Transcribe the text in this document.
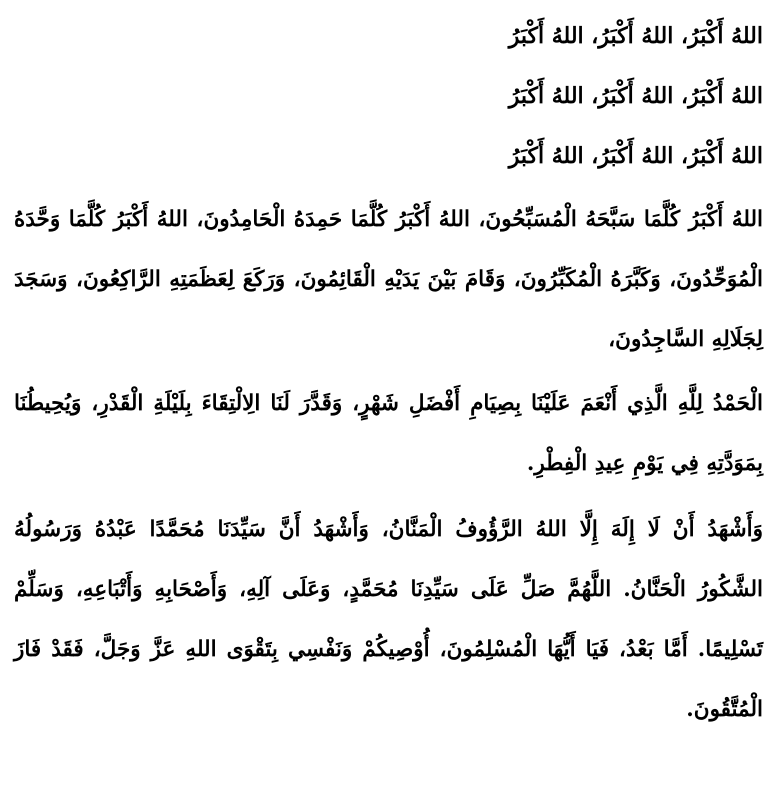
اللهُ أَكْبَرُ، اللهُ أَكْبَرُ، اللهُ أَكْبَرُ
اللهُ أَكْبَرُ، اللهُ أَكْبَرُ، اللهُ أَكْبَرُ
اللهُ أَكْبَرُ، اللهُ أَكْبَرُ، اللهُ أَكْبَرُ
اللهُ أَكْبَرُ كُلَّمَا سَبَّحَهُ الْمُسَبِّحُونَ، اللهُ أَكْبَرُ كُلَّمَا حَمِدَهُ الْحَامِدُونَ، اللهُ أَكْبَرُ كُلَّمَا وَحَّدَهُ الْمُوَحِّدُونَ، وَكَبَّرَهُ الْمُكَبِّرُونَ، وَقَامَ بَيْنَ يَدَيْهِ الْقَائِمُونَ، وَرَكَعَ لِعَظَمَتِهِ الرَّاكِعُونَ، وَسَجَدَ لِجَلَالِهِ السَّاجِدُونَ،
الْحَمْدُ لِلَّهِ الَّذِي أَنْعَمَ عَلَيْنَا بِصِيَامِ أَفْضَلِ شَهْرٍ، وَقَدَّرَ لَنَا الِالْتِقَاءَ بِلَيْلَةِ الْقَدْرِ، وَيُحِيطُنَا بِمَوَدَّتِهِ فِي يَوْمِ عِيدِ الْفِطْرِ.
وَأَشْهَدُ أَنْ لَا إِلَهَ إِلَّا اللهُ الرَّؤُوفُ الْمَنَّانُ، وَأَشْهَدُ أَنَّ سَيِّدَنَا مُحَمَّدًا عَبْدُهُ وَرَسُولُهُ الشَّكُورُ الْحَنَّانُ. اللَّهُمَّ صَلِّ عَلَى سَيِّدِنَا مُحَمَّدٍ، وَعَلَى آلِهِ، وَأَصْحَابِهِ وَأَتْبَاعِهِ، وَسَلِّمْ تَسْلِيمًا. أَمَّا بَعْدُ، فَيَا أَيُّهَا الْمُسْلِمُونَ، أُوْصِيكُمْ وَنَفْسِي بِتَقْوَى اللهِ عَزَّ وَجَلَّ، فَقَدْ فَازَ الْمُتَّقُونَ.
